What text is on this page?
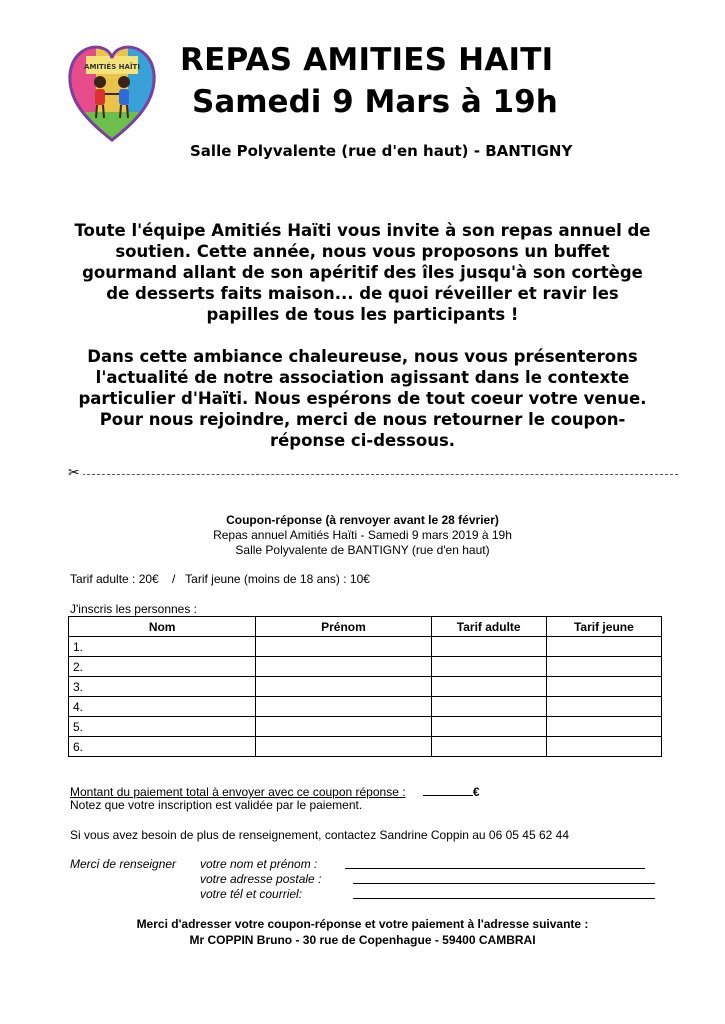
AMITIÉS HAÏTI REPAS AMITIES HAITI
Samedi 9 Mars à 19h
Salle Polyvalente (rue d'en haut) - BANTIGNY

Toute l'équipe Amitiés Haïti vous invite à son repas annuel de soutien. Cette année, nous vous proposons un buffet gourmand allant de son apéritif des îles jusqu'à son cortège de desserts faits maison... de quoi réveiller et ravir les papilles de tous les participants !

Dans cette ambiance chaleureuse, nous vous présenterons l'actualité de notre association agissant dans le contexte particulier d'Haïti. Nous espérons de tout coeur votre venue. Pour nous rejoindre, merci de nous retourner le coupon-réponse ci-dessous.

✂
Coupon-réponse (à renvoyer avant le 28 février)
Repas annuel Amitiés Haïti - Samedi 9 mars 2019 à 19h
Salle Polyvalente de BANTIGNY (rue d'en haut)
Tarif adulte : 20€    /   Tarif jeune (moins de 18 ans) : 10€
J'inscris les personnes :
Nom	Prénom	Tarif adulte	Tarif jeune
1.			
2.			
3.			
4.			
5.			
6.			
Montant du paiement total à envoyer avec ce coupon réponse :	€
Notez que votre inscription est validée par le paiement.
Si vous avez besoin de plus de renseignement, contactez Sandrine Coppin au 06 05 45 62 44
Merci de renseigner votre nom et prénom :
votre adresse postale :
votre tél et courriel:
Merci d'adresser votre coupon-réponse et votre paiement à l'adresse suivante :
Mr COPPIN Bruno - 30 rue de Copenhague - 59400 CAMBRAI
